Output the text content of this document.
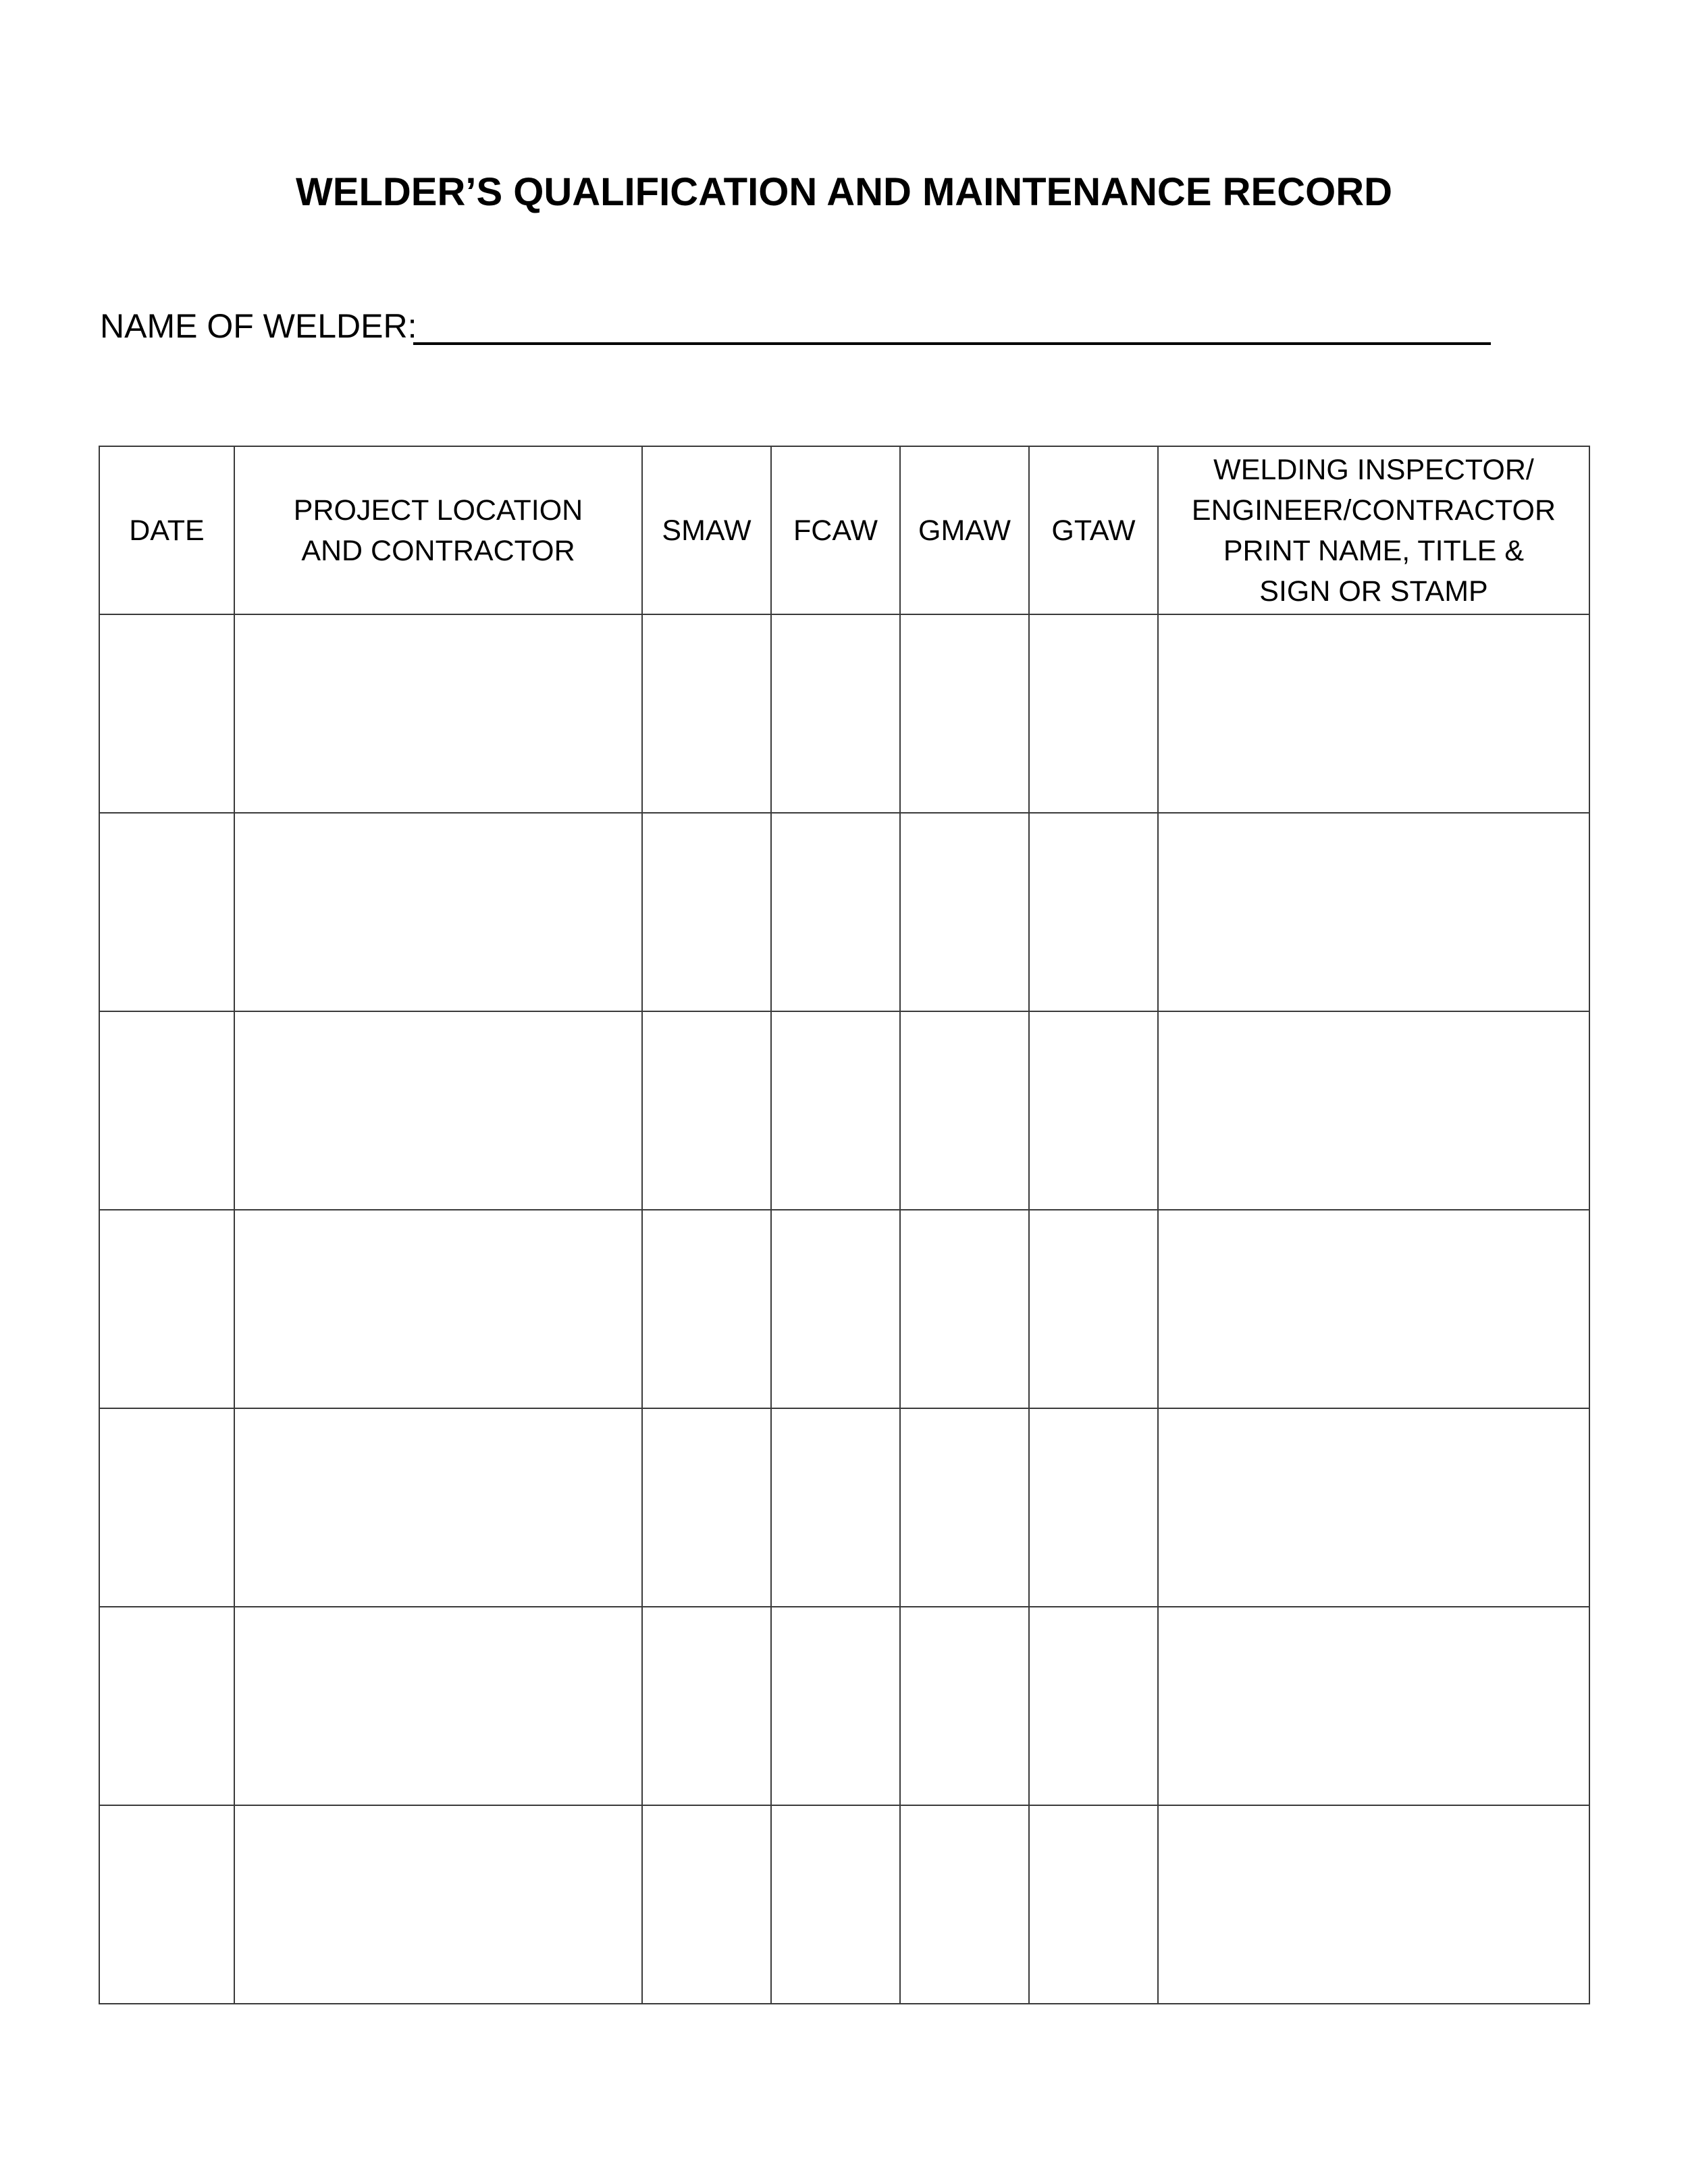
WELDER’S QUALIFICATION AND MAINTENANCE RECORD
NAME OF WELDER:
DATE	PROJECT LOCATION AND CONTRACTOR	SMAW	FCAW	GMAW	GTAW	WELDING INSPECTOR/ ENGINEER/CONTRACTOR PRINT NAME, TITLE & SIGN OR STAMP
